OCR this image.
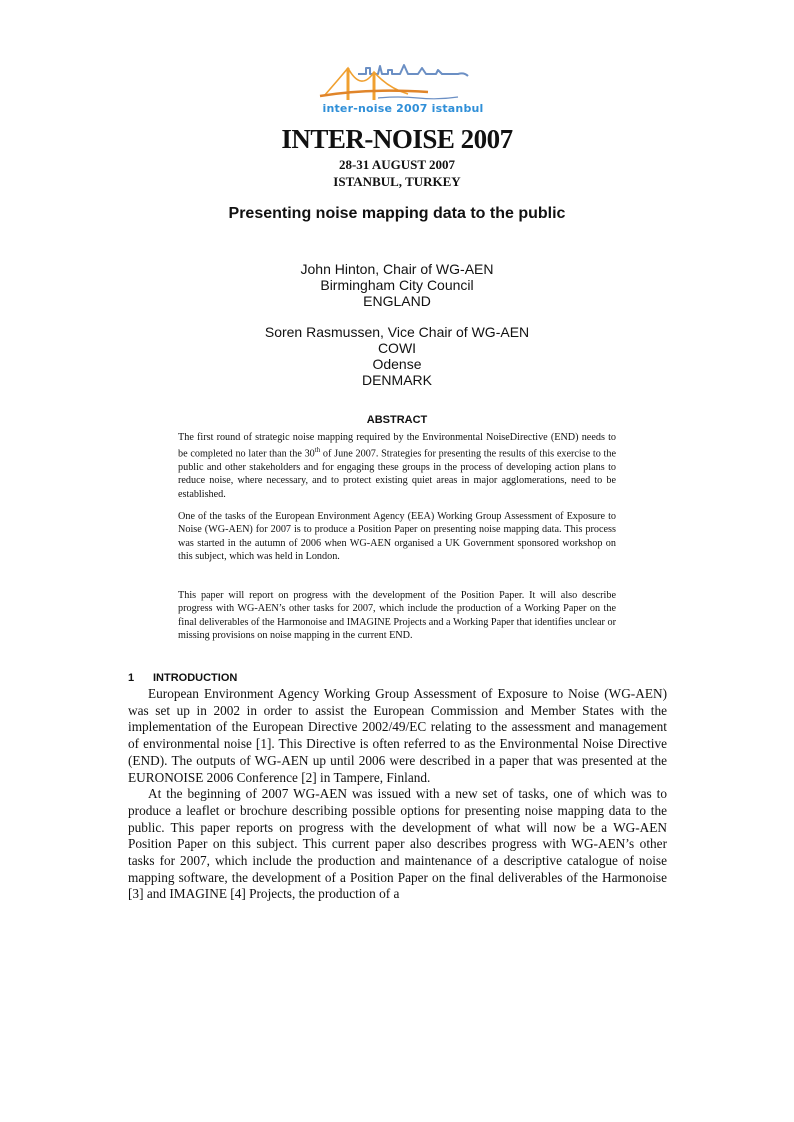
inter-noise 2007 istanbul
INTER-NOISE 2007
28-31 AUGUST 2007
ISTANBUL, TURKEY
Presenting noise mapping data to the public
John Hinton, Chair of WG-AEN
Birmingham City Council
ENGLAND
Soren Rasmussen, Vice Chair of WG-AEN
COWI
Odense
DENMARK
ABSTRACT

The first round of strategic noise mapping required by the Environmental NoiseDirective (END) needs to be completed no later than the 30th of June 2007. Strategies for presenting the results of this exercise to the public and other stakeholders and for engaging these groups in the process of developing action plans to reduce noise, where necessary, and to protect existing quiet areas in major agglomerations, need to be established.

One of the tasks of the European Environment Agency (EEA) Working Group Assessment of Exposure to Noise (WG-AEN) for 2007 is to produce a Position Paper on presenting noise mapping data. This process was started in the autumn of 2006 when WG-AEN organised a UK Government sponsored workshop on this subject, which was held in London.

This paper will report on progress with the development of the Position Paper. It will also describe progress with WG-AEN’s other tasks for 2007, which include the production of a Working Paper on the final deliverables of the Harmonoise and IMAGINE Projects and a Working Paper that identifies unclear or missing provisions on noise mapping in the current END.

1 INTRODUCTION

European Environment Agency Working Group Assessment of Exposure to Noise (WG-AEN) was set up in 2002 in order to assist the European Commission and Member States with the implementation of the European Directive 2002/49/EC relating to the assessment and management of environmental noise [1]. This Directive is often referred to as the Environmental Noise Directive (END). The outputs of WG-AEN up until 2006 were described in a paper that was presented at the EURONOISE 2006 Conference [2] in Tampere, Finland.

At the beginning of 2007 WG-AEN was issued with a new set of tasks, one of which was to produce a leaflet or brochure describing possible options for presenting noise mapping data to the public. This paper reports on progress with the development of what will now be a WG-AEN Position Paper on this subject. This current paper also describes progress with WG-AEN’s other tasks for 2007, which include the production and maintenance of a descriptive catalogue of noise mapping software, the development of a Position Paper on the final deliverables of the Harmonoise [3] and IMAGINE [4] Projects, the production of a
